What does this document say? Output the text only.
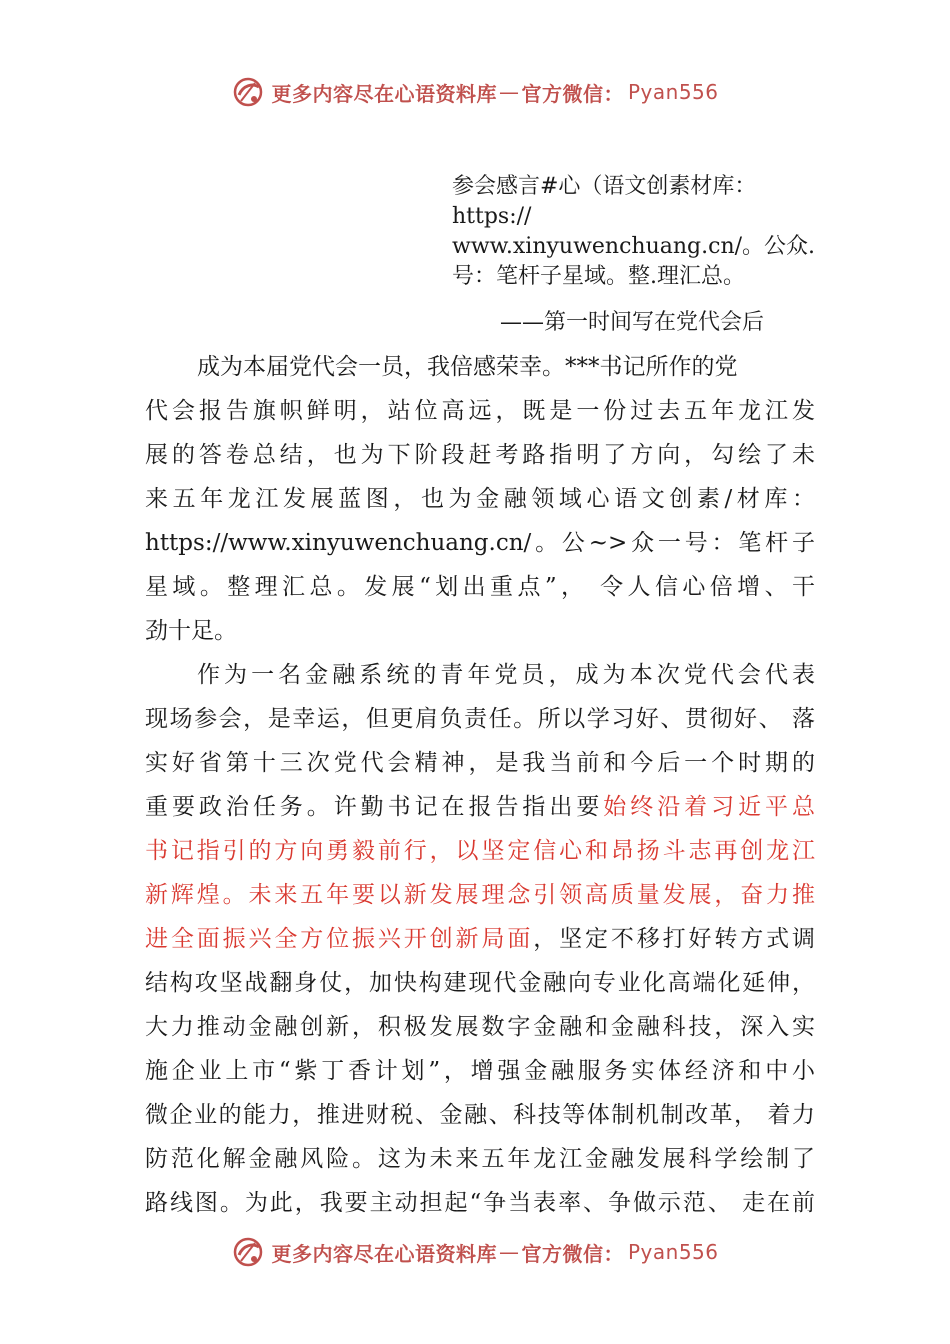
更多内容尽在心语资料库 — 官方微信： Pyan556
参会感言#心（语文创素材库：
https://
www.xinyuwenchuang.cn/。公众.
号：笔杆子星域。整.理汇总。
——第一时间写在党代会后
成为本届党代会一员，我倍感荣幸。***书记所作的党
代会报告旗帜鲜明，站位高远，既是一份过去五年龙江发
展的答卷总结，也为下阶段赶考路指明了方向，勾绘了未
来五年龙江发展蓝图，也为金融领域心语文创素/材库：
https://www.xinyuwenchuang.cn/。公~>众一号：笔杆子
星域。整理汇总。发展“划出重点”， 令人信心倍增、干
劲十足。
作为一名金融系统的青年党员，成为本次党代会代表
现场参会，是幸运，但更肩负责任。所以学习好、贯彻好、 落
实好省第十三次党代会精神，是我当前和今后一个时期的
重要政治任务。许勤书记在报告指出要始终沿着习近平总
书记指引的方向勇毅前行，以坚定信心和昂扬斗志再创龙江
新辉煌。未来五年要以新发展理念引领高质量发展，奋力推
进全面振兴全方位振兴开创新局面，坚定不移打好转方式调
结构攻坚战翻身仗，加快构建现代金融向专业化高端化延伸，
大力推动金融创新，积极发展数字金融和金融科技，深入实
施企业上市“紫丁香计划”，增强金融服务实体经济和中小
微企业的能力，推进财税、金融、科技等体制机制改革， 着力
防范化解金融风险。这为未来五年龙江金融发展科学绘制了
路线图。为此，我要主动担起“争当表率、争做示范、 走在前
更多内容尽在心语资料库 — 官方微信： Pyan556
